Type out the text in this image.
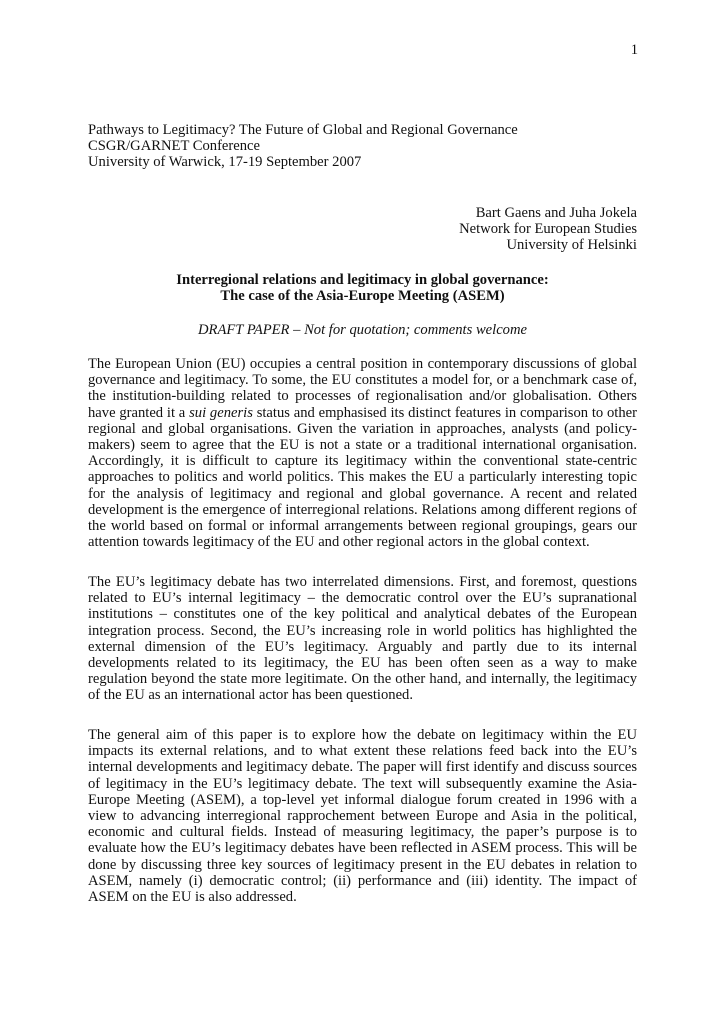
1
Pathways to Legitimacy? The Future of Global and Regional Governance
CSGR/GARNET Conference
University of Warwick, 17-19 September 2007
Bart Gaens and Juha Jokela
Network for European Studies
University of Helsinki
Interregional relations and legitimacy in global governance:
The case of the Asia-Europe Meeting (ASEM)
DRAFT PAPER – Not for quotation; comments welcome

The European Union (EU) occupies a central position in contemporary discussions of global governance and legitimacy. To some, the EU constitutes a model for, or a benchmark case of, the institution-building related to processes of regionalisation and/or globalisation. Others have granted it a sui generis status and emphasised its distinct features in comparison to other regional and global organisations. Given the variation in approaches, analysts (and policy-makers) seem to agree that the EU is not a state or a traditional international organisation. Accordingly, it is difficult to capture its legitimacy within the conventional state-centric approaches to politics and world politics. This makes the EU a particularly interesting topic for the analysis of legitimacy and regional and global governance. A recent and related development is the emergence of interregional relations. Relations among different regions of the world based on formal or informal arrangements between regional groupings, gears our attention towards legitimacy of the EU and other regional actors in the global context.

The EU’s legitimacy debate has two interrelated dimensions. First, and foremost, questions related to EU’s internal legitimacy – the democratic control over the EU’s supranational institutions – constitutes one of the key political and analytical debates of the European integration process. Second, the EU’s increasing role in world politics has highlighted the external dimension of the EU’s legitimacy. Arguably and partly due to its internal developments related to its legitimacy, the EU has been often seen as a way to make regulation beyond the state more legitimate. On the other hand, and internally, the legitimacy of the EU as an international actor has been questioned.

The general aim of this paper is to explore how the debate on legitimacy within the EU impacts its external relations, and to what extent these relations feed back into the EU’s internal developments and legitimacy debate. The paper will first identify and discuss sources of legitimacy in the EU’s legitimacy debate. The text will subsequently examine the Asia-Europe Meeting (ASEM), a top-level yet informal dialogue forum created in 1996 with a view to advancing interregional rapprochement between Europe and Asia in the political, economic and cultural fields. Instead of measuring legitimacy, the paper’s purpose is to evaluate how the EU’s legitimacy debates have been reflected in ASEM process. This will be done by discussing three key sources of legitimacy present in the EU debates in relation to ASEM, namely (i) democratic control; (ii) performance and (iii) identity. The impact of ASEM on the EU is also addressed.
